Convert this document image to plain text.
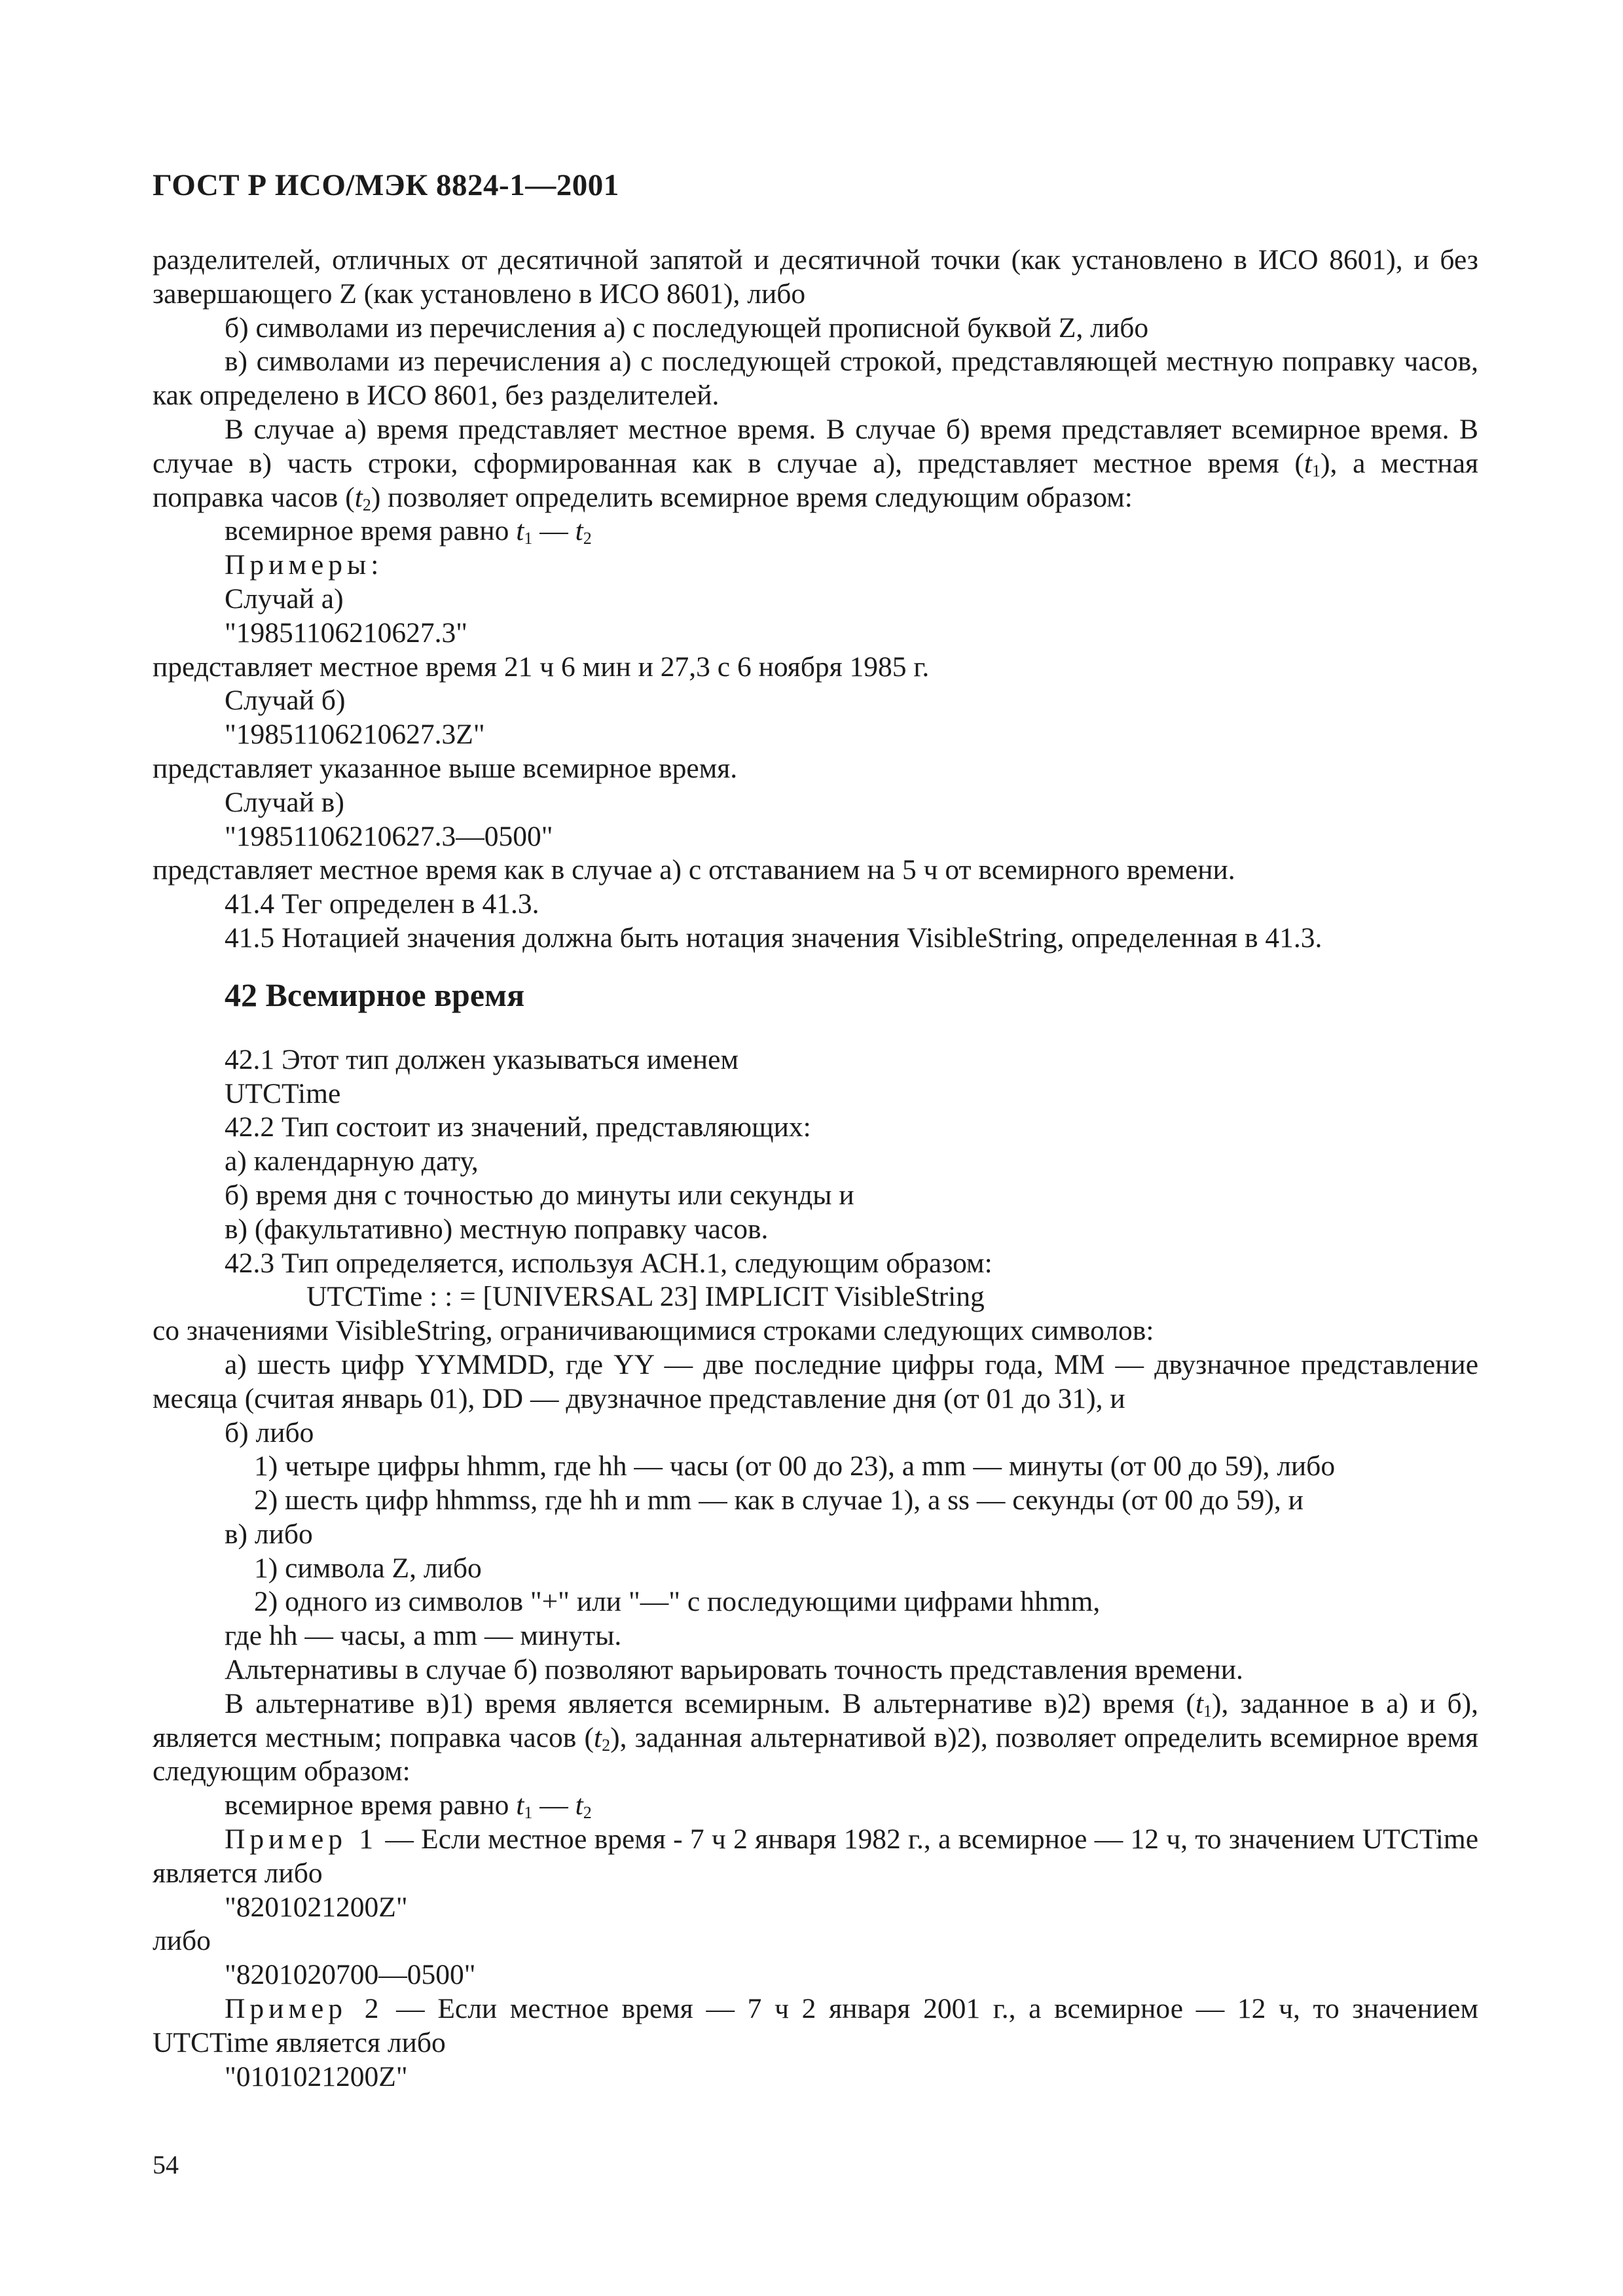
ГОСТ Р ИСО/МЭК 8824-1—2001

разделителей, отличных от десятичной запятой и десятичной точки (как установлено в ИСО 8601), и без завершающего Z (как установлено в ИСО 8601), либо

б) символами из перечисления а) с последующей прописной буквой Z, либо

в) символами из перечисления а) с последующей строкой, представляющей местную поправку часов, как определено в ИСО 8601, без разделителей.

В случае а) время представляет местное время. В случае б) время представляет всемирное время. В случае в) часть строки, сформированная как в случае а), представляет местное время $(t_1)$, а местная поправка часов $(t_2)$ позволяет определить всемирное время следующим образом:

всемирное время равно $t_1$ — $t_2$

Примеры:

Случай а)

"19851106210627.3"

представляет местное время 21 ч 6 мин и 27,3 с 6 ноября 1985 г.

Случай б)

"19851106210627.3Z"

представляет указанное выше всемирное время.

Случай в)

"19851106210627.3—0500"

представляет местное время как в случае а) с отставанием на 5 ч от всемирного времени.

41.4 Тег определен в 41.3.

41.5 Нотацией значения должна быть нотация значения VisibleString, определенная в 41.3.

42 Всемирное время

42.1 Этот тип должен указываться именем

UTCTime

42.2 Тип состоит из значений, представляющих:

а) календарную дату,

б) время дня с точностью до минуты или секунды и

в) (факультативно) местную поправку часов.

42.3 Тип определяется, используя АСН.1, следующим образом:

UTCTime : : = [UNIVERSAL 23] IMPLICIT VisibleString

со значениями VisibleString, ограничивающимися строками следующих символов:

а) шесть цифр YYMMDD, где YY — две последние цифры года, MM — двузначное представление месяца (считая январь 01), DD — двузначное представление дня (от 01 до 31), и

б) либо

1) четыре цифры hhmm, где hh — часы (от 00 до 23), а mm — минуты (от 00 до 59), либо

2) шесть цифр hhmmss, где hh и mm — как в случае 1), а ss — секунды (от 00 до 59), и

в) либо

1) символа Z, либо

2) одного из символов "+" или "—" с последующими цифрами hhmm,

где hh — часы, а mm — минуты.

Альтернативы в случае б) позволяют варьировать точность представления времени.

В альтернативе в)1) время является всемирным. В альтернативе в)2) время $(t_1)$, заданное в а) и б), является местным; поправка часов $(t_2)$, заданная альтернативой в)2), позволяет определить всемирное время следующим образом:

всемирное время равно $t_1$ — $t_2$

Пример 1 — Если местное время - 7 ч 2 января 1982 г., а всемирное — 12 ч, то значением UTCTime является либо

"8201021200Z"

либо

"8201020700—0500"

Пример 2 — Если местное время — 7 ч 2 января 2001 г., а всемирное — 12 ч, то значением UTCTime является либо

"0101021200Z"

54
